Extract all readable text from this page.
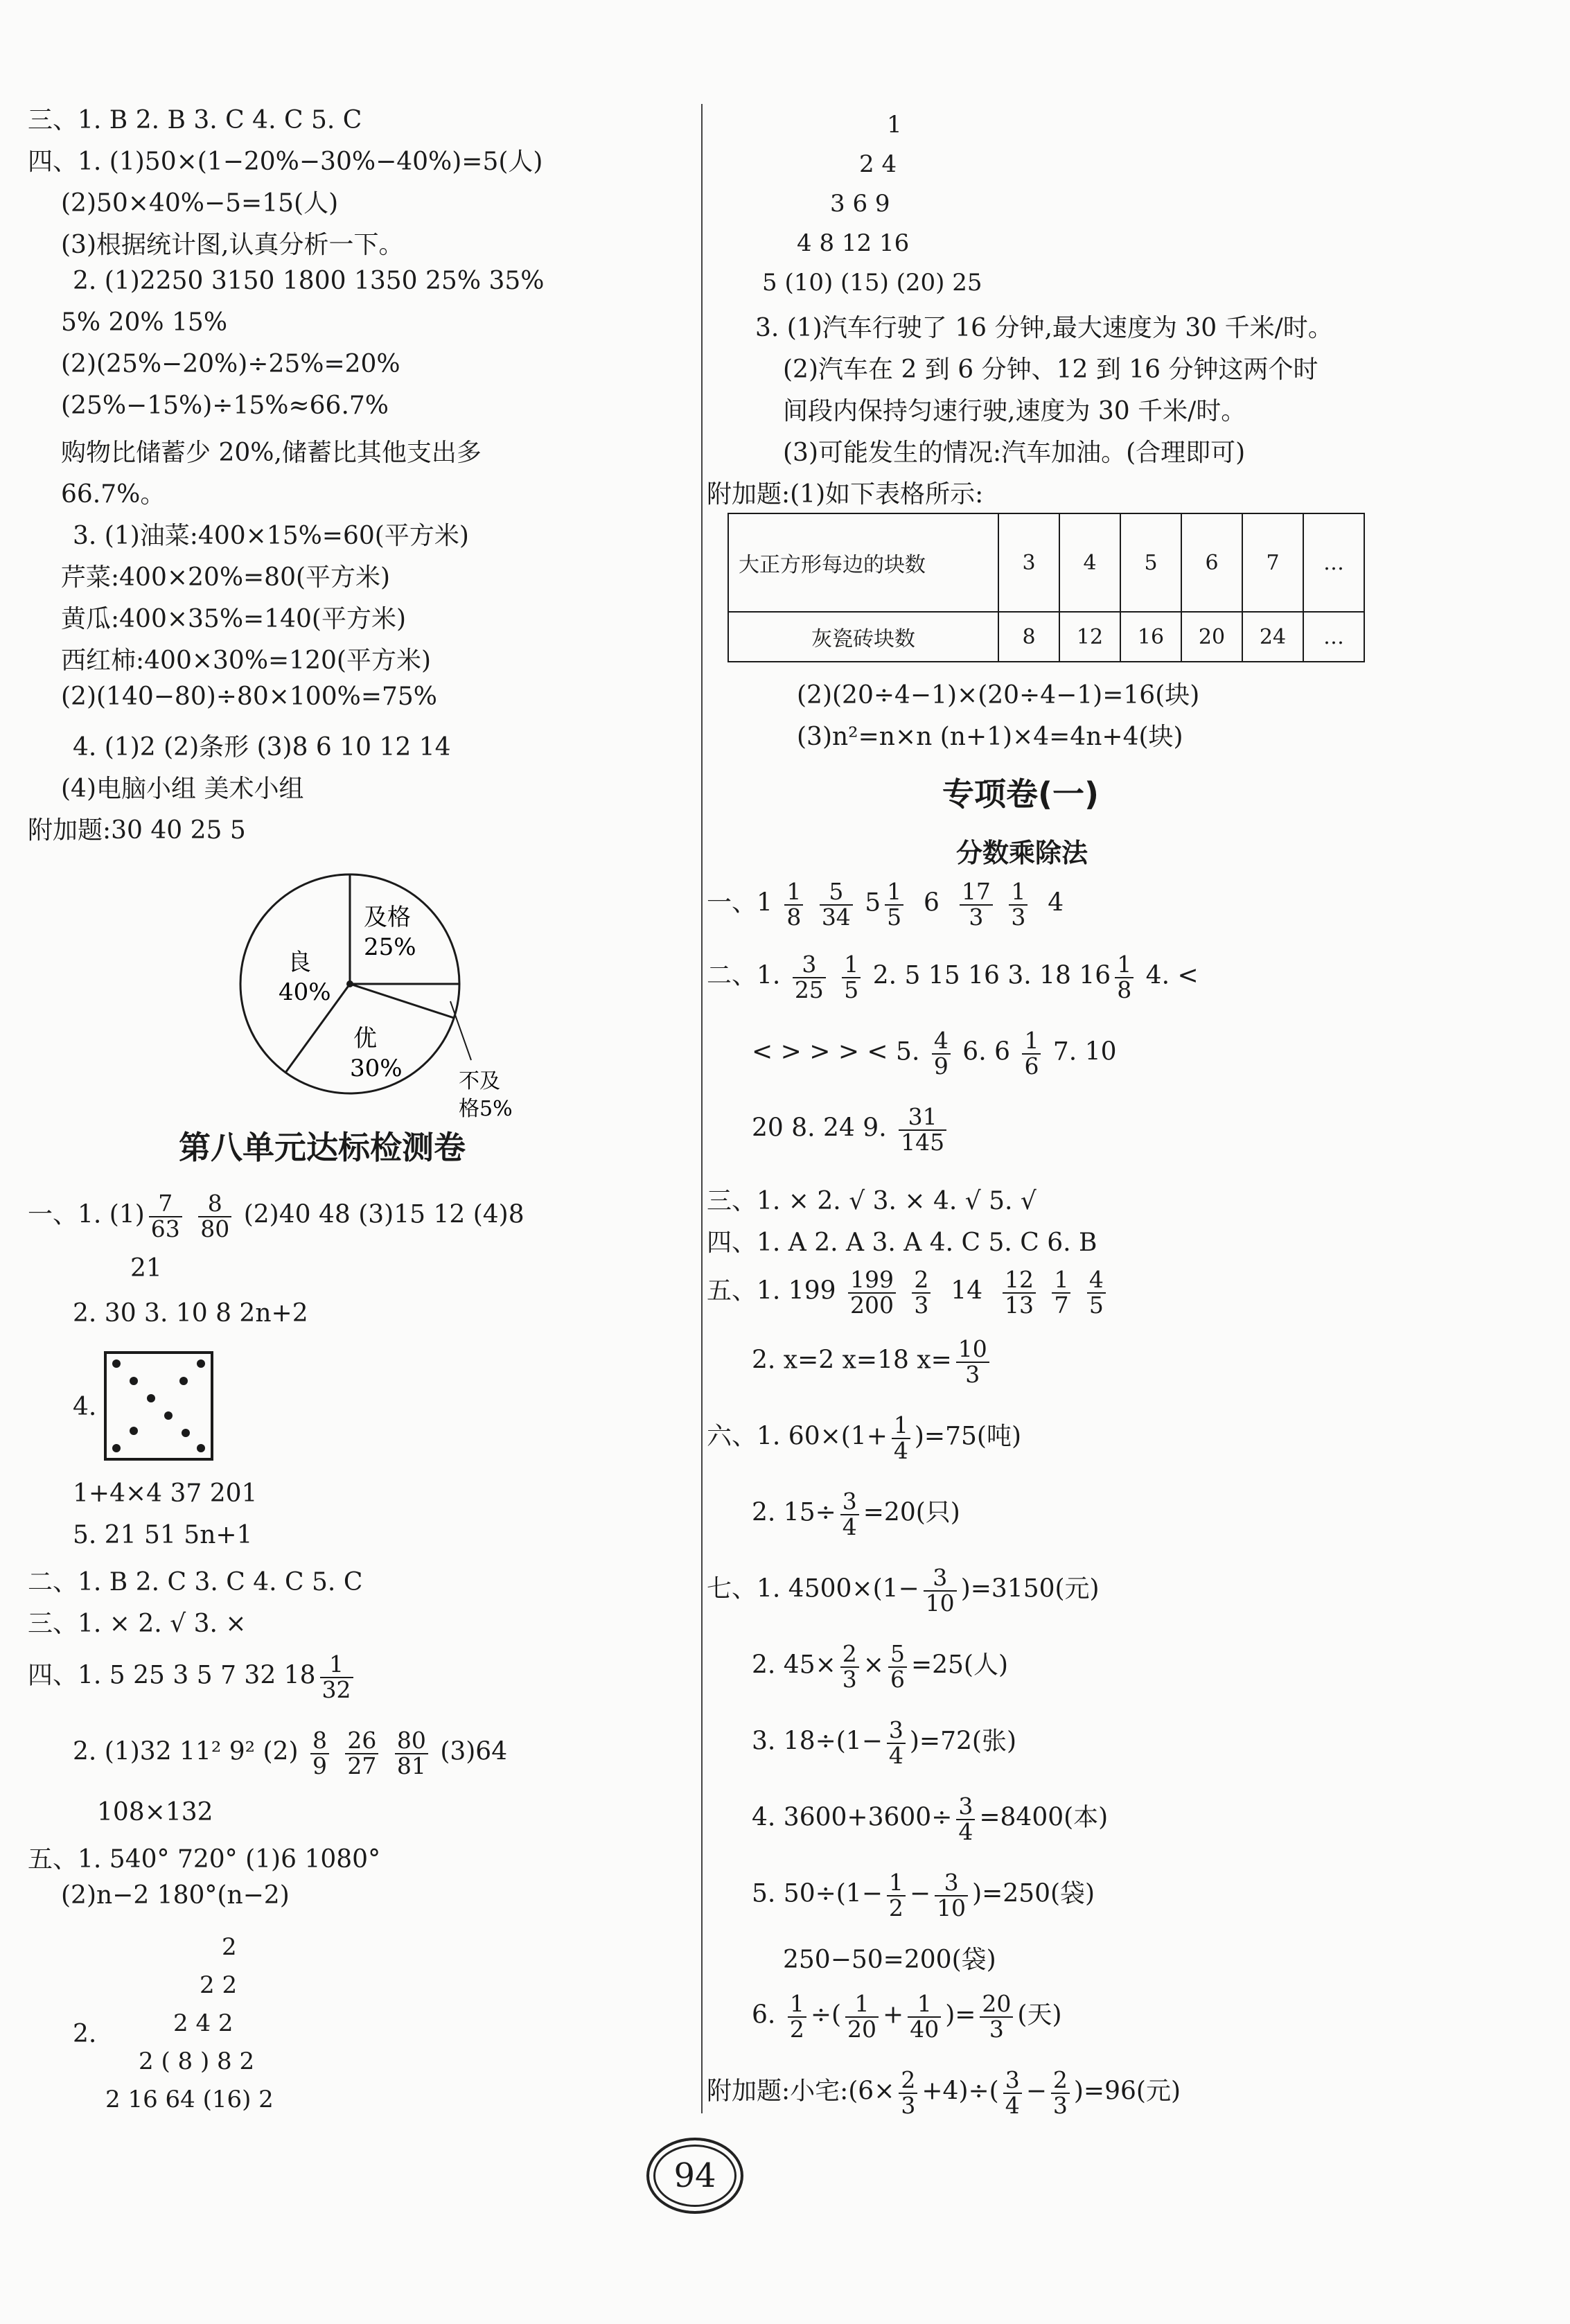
三、1. B 2. B 3. C 4. C 5. C
四、1. (1)50×(1−20%−30%−40%)=5(人)
(2)50×40%−5=15(人)
(3)根据统计图,认真分析一下。
2. (1)2250 3150 1800 1350 25% 35%
5% 20% 15%
(2)(25%−20%)÷25%=20%
(25%−15%)÷15%≈66.7%
购物比储蓄少 20%,储蓄比其他支出多
66.7%。
3. (1)油菜:400×15%=60(平方米)
芹菜:400×20%=80(平方米)
黄瓜:400×35%=140(平方米)
西红柿:400×30%=120(平方米)
(2)(140−80)÷80×100%=75%
4. (1)2 (2)条形 (3)8 6 10 12 14
(4)电脑小组 美术小组
附加题:30 40 25 5
良
40%
及格
25%
优
30%	不及
格5%
第八单元达标检测卷
一、1. $(1) \frac{7}{63}$
$\frac{8}{80} (2)40$ 48 (3)15 12 (4)8
21
2. 30 3. 10 8 2n+2
4.
1+4×4 37 201
5. 21 51 5n+1
二、1. B 2. C 3. C 4. C 5. C
三、1. × 2. √ 3. ×
四、1. 5 25 3 5 7 32 $18 \frac{1}{32}$
2. (1)32 11² 9² $(2) \frac{8}{9}$
$\frac{26}{27}$
$\frac{80}{81} (3)64$
108×132
五、1. 540° 720° (1)6 1080°
(2)n−2 180°(n−2)
2.
2
2 2
2 4 2
2 ( 8 ) 8 2
2 16 64 (16) 2
1
2 4
3 6 9
4 8 12 16
5 (10) (15) (20) 25
3. (1)汽车行驶了 16 分钟,最大速度为 30 千米/时。
(2)汽车在 2 到 6 分钟、12 到 16 分钟这两个时
间段内保持匀速行驶,速度为 30 千米/时。
(3)可能发生的情况:汽车加油。(合理即可)
附加题:(1)如下表格所示:
大正方形每边的块数	3	4	5	6	7	…
灰瓷砖块数	8	12	16	20	24	…
(2)(20÷4−1)×(20÷4−1)=16(块)
(3)n²=n×n (n+1)×4=4n+4(块)
专项卷(一)
分数乘除法
一、$1 \frac{1}{8}$
$\frac{5}{34} 5 \frac{1}{5} 6 \frac{17}{3}$
$\frac{1}{3} 4$
二、1. $\frac{3}{25}$
$\frac{1}{5} 2$. 5 15 16 3. 18 $16 \frac{1}{8} 4$. <
< > > > < 5. $\frac{4}{9} 6$. $6 \frac{1}{6} 7$. 10
20 8. 24 9. $\frac{31}{145}$
三、1. × 2. √ 3. × 4. √ 5. √
四、1. A 2. A 3. A 4. C 5. C 6. B
五、1. $199 \frac{199}{200}$
$\frac{2}{3} 14 \frac{12}{13}$
$\frac{1}{7}$
$\frac{4}{5}$
2. x=2 x=18 $x= \frac{10}{3}$
六、1. $60\times(1+ \frac{1}{4} )=75$(吨)
2. $15\div \frac{3}{4} =20$(只)
七、1. $4500\times(1- \frac{3}{10} )=3150$(元)
2. $45\times \frac{2}{3} \times \frac{5}{6} =25$(人)
3. $18\div(1- \frac{3}{4} )=72$(张)
4. $3600+3600\div \frac{3}{4} =8400$(本)
5. $50\div(1- \frac{1}{2} - \frac{3}{10} )=250$(袋)
250−50=200(袋)
6. $\frac{1}{2}$ ÷( $\frac{1}{20} + \frac{1}{40}$ )= $\frac{20}{3}$ (天)
附加题:小宅:(6× $\frac{2}{3} +4)\div( \frac{3}{4} - \frac{2}{3} )=96$(元)
94
